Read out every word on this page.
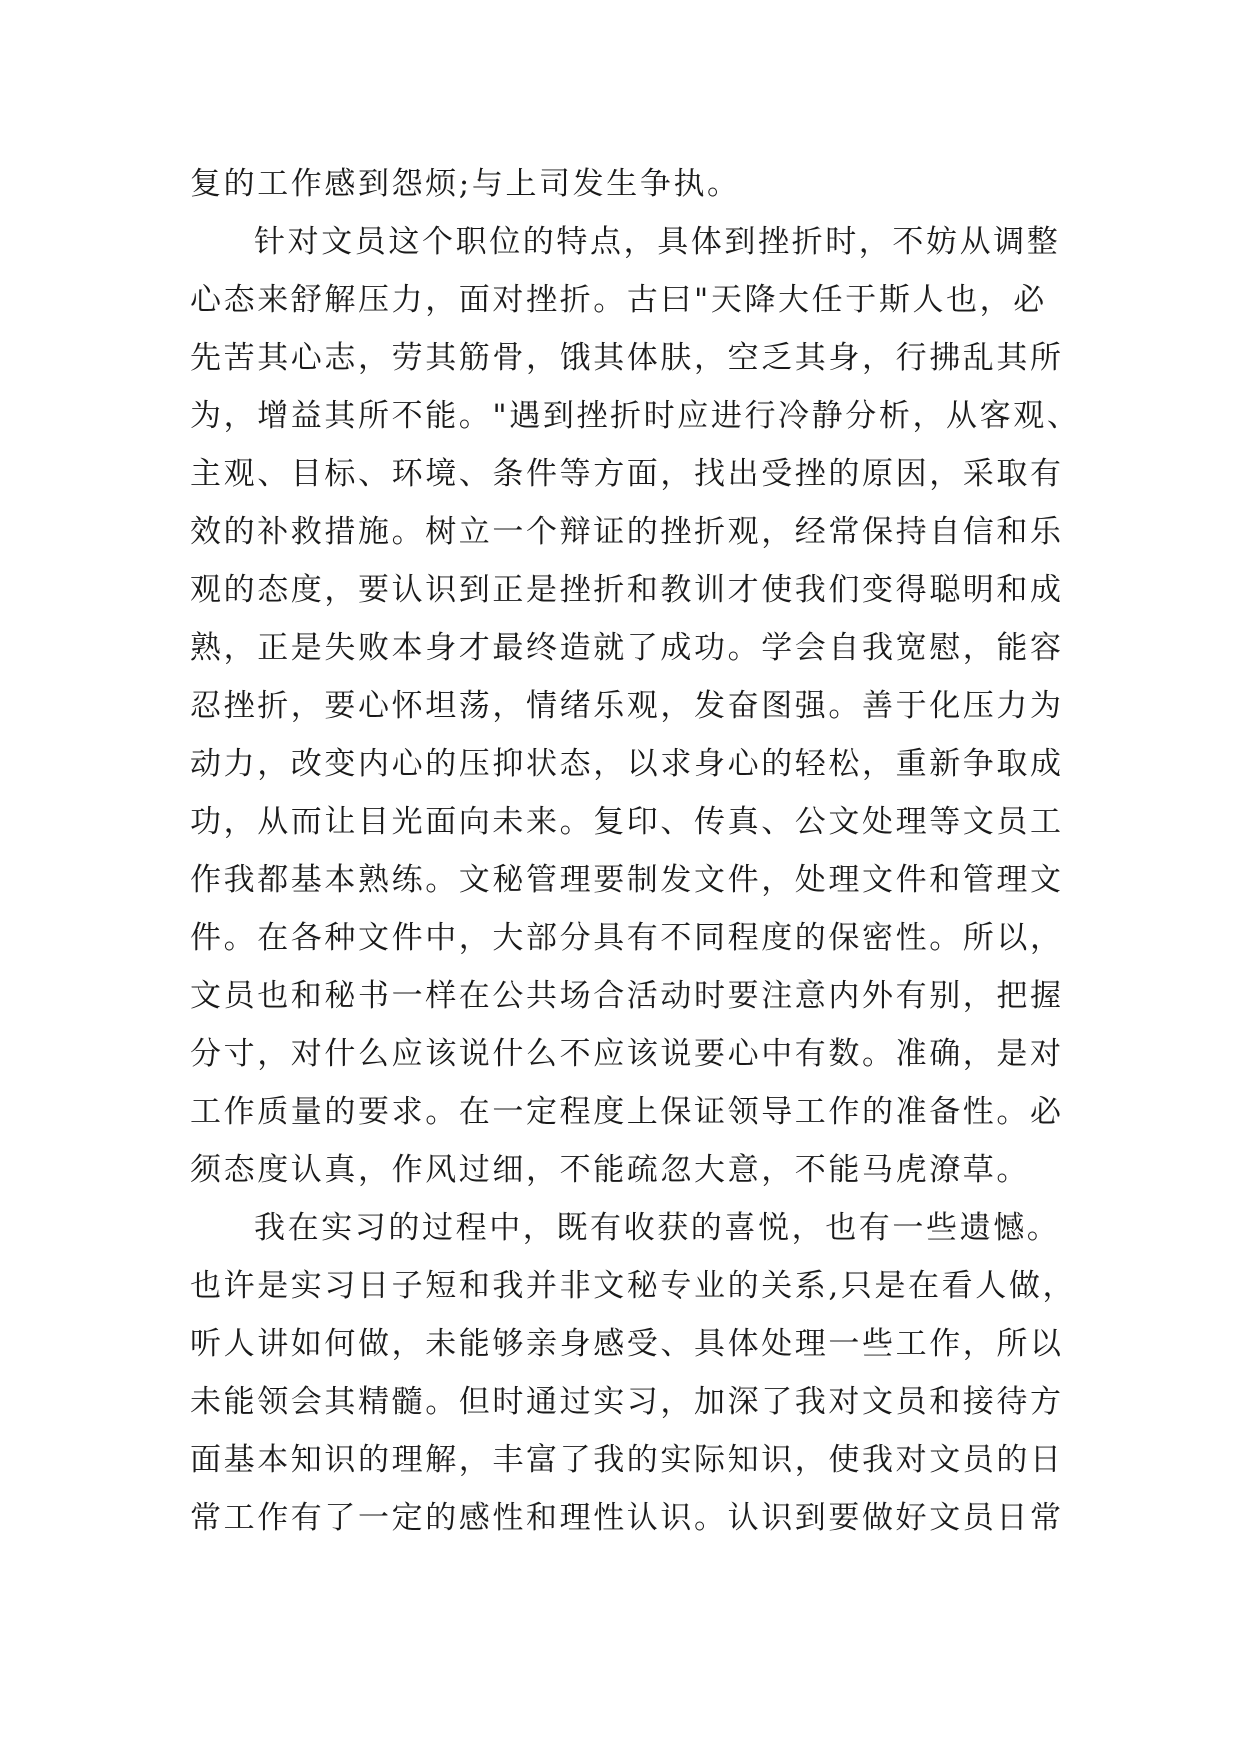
复的工作感到怨烦;与上司发生争执。
针对文员这个职位的特点，具体到挫折时，不妨从调整
心态来舒解压力，面对挫折。古曰"天降大任于斯人也，必
先苦其心志，劳其筋骨，饿其体肤，空乏其身，行拂乱其所
为，增益其所不能。"遇到挫折时应进行冷静分析，从客观、
主观、目标、环境、条件等方面，找出受挫的原因，采取有
效的补救措施。树立一个辩证的挫折观，经常保持自信和乐
观的态度，要认识到正是挫折和教训才使我们变得聪明和成
熟，正是失败本身才最终造就了成功。学会自我宽慰，能容
忍挫折，要心怀坦荡，情绪乐观，发奋图强。善于化压力为
动力，改变内心的压抑状态，以求身心的轻松，重新争取成
功，从而让目光面向未来。复印、传真、公文处理等文员工
作我都基本熟练。文秘管理要制发文件，处理文件和管理文
件。在各种文件中，大部分具有不同程度的保密性。所以，
文员也和秘书一样在公共场合活动时要注意内外有别，把握
分寸，对什么应该说什么不应该说要心中有数。准确，是对
工作质量的要求。在一定程度上保证领导工作的准备性。必
须态度认真，作风过细，不能疏忽大意，不能马虎潦草。
我在实习的过程中，既有收获的喜悦，也有一些遗憾。
也许是实习日子短和我并非文秘专业的关系,只是在看人做，
听人讲如何做，未能够亲身感受、具体处理一些工作，所以
未能领会其精髓。但时通过实习，加深了我对文员和接待方
面基本知识的理解，丰富了我的实际知识，使我对文员的日
常工作有了一定的感性和理性认识。认识到要做好文员日常
